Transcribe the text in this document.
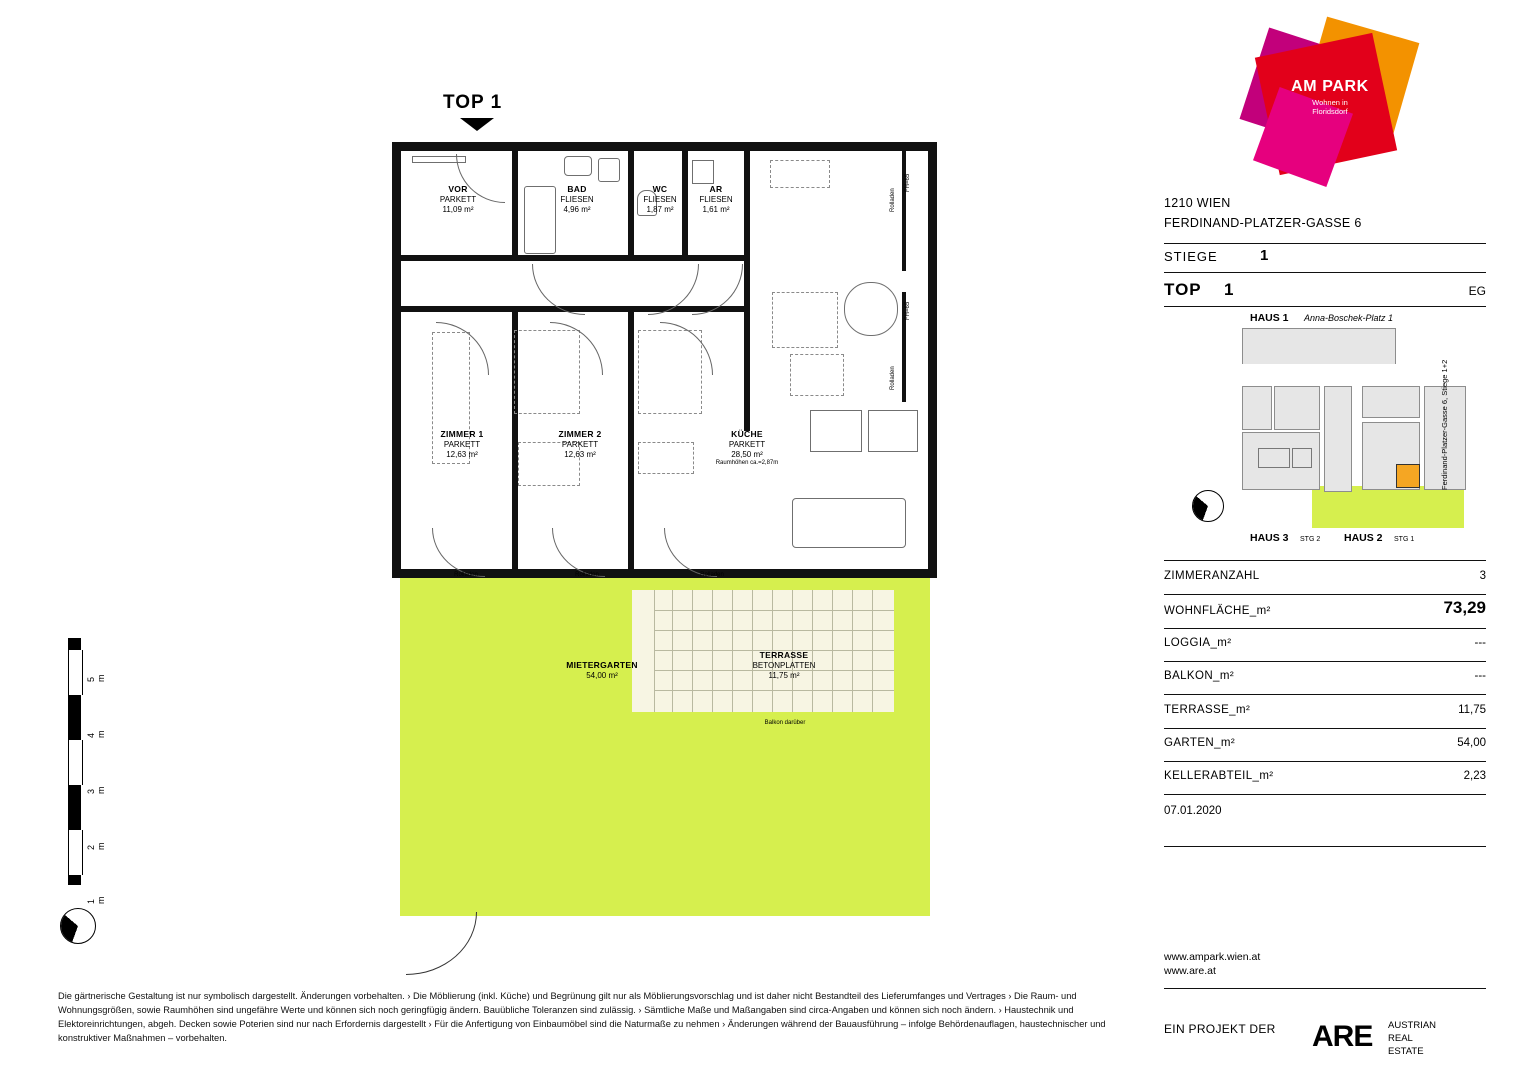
TOP 1
VOR
PARKETT
11,09 m²
BAD
FLIESEN
4,96 m²
WC
FLIESEN
1,87 m²
AR
FLIESEN
1,61 m²
ZIMMER 1
PARKETT
12,63 m²
ZIMMER 2
PARKETT
12,63 m²
KÜCHE
PARKETT
28,50 m²
Raumhöhen ca.=2,87m
MIETERGARTEN
54,00 m²
TERRASSE
BETONPLATTEN
11,75 m²
Balkon darüber
Rolladen	Rolladen	Rolladen
Rolladen
Rolladen
FH=65
FH=65
5 m
4 m
3 m
2 m
1 m
AM PARK
Wohnen in
Floridsdorf
1210 WIEN
FERDINAND-PLATZER-GASSE 6
STIEGE	1
TOP 1	EG
HAUS 1 Anna-Boschek-Platz 1
Ferdinand-Platzer-Gasse 6, Stiege 1+2
HAUS 3 STG 2 HAUS 2 STG 1
ZIMMERANZAHL	3
WOHNFLÄCHE_m²	73,29
LOGGIA_m²	---
BALKON_m²	---
TERRASSE_m²	11,75
GARTEN_m²	54,00
KELLERABTEIL_m²	2,23
07.01.2020
www.ampark.wien.at
www.are.at
EIN PROJEKT DER ARE AUSTRIAN
REAL
ESTATE
Die gärtnerische Gestaltung ist nur symbolisch dargestellt. Änderungen vorbehalten. › Die Möblierung (inkl. Küche) und Begrünung gilt nur als Möblierungsvorschlag und ist daher nicht Bestandteil des Lieferumfanges und Vertrages › Die Raum- und Wohnungsgrößen, sowie Raumhöhen sind ungefähre Werte und können sich noch geringfügig ändern. Bauübliche Toleranzen sind zulässig. › Sämtliche Maße und Maßangaben sind circa-Angaben und können sich noch ändern. › Haustechnik und Elektoreinrichtungen, abgeh. Decken sowie Poterien sind nur nach Erfordernis dargestellt › Für die Anfertigung von Einbaumöbel sind die Naturmaße zu nehmen › Änderungen während der Bauausführung – infolge Behördenauflagen, haustechnischer und konstruktiver Maßnahmen – vorbehalten.
